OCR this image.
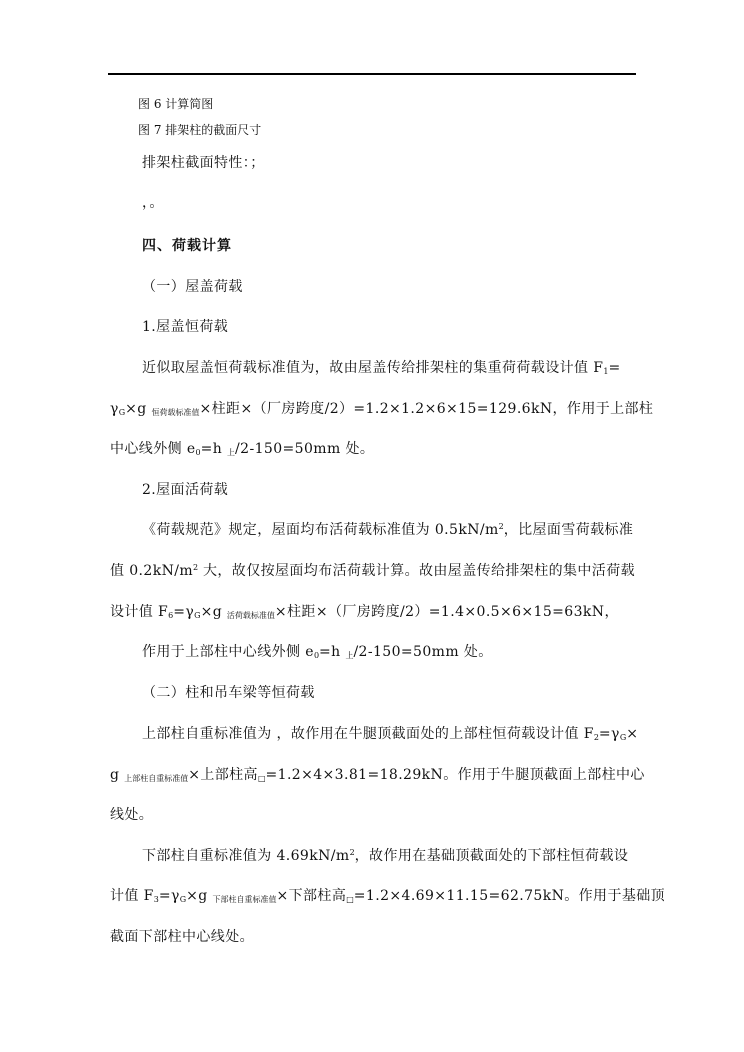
图 6 计算简图
图 7 排架柱的截面尺寸
排架柱截面特性：；
，。
四、荷载计算
（一）屋盖荷载
1.屋盖恒荷载
近似取屋盖恒荷载标准值为，故由屋盖传给排架柱的集重荷荷载设计值 $F_1=$
$\gamma_G\times g$ $_{恒荷载标准值}$×柱距×（厂房跨度/2）=1.2×1.2×6×15=129.6kN，作用于上部柱
中心线外侧 $e_0=h$ $_上$/2-150=50mm 处。
2.屋面活荷载
《荷载规范》规定，屋面均布活荷载标准值为 $0.5kN/m^2$，比屋面雪荷载标准
值 $0.2kN/m^2$ 大，故仅按屋面均布活荷载计算。故由屋盖传给排架柱的集中活荷载
设计值 $F_6=\gamma_G\times g$ $_{活荷载标准值}$×柱距×（厂房跨度/2）=1.4×0.5×6×15=63kN，
作用于上部柱中心线外侧 $e_0=h$ $_上$/2-150=50mm 处。
（二）柱和吊车梁等恒荷载
上部柱自重标准值为 ，故作用在牛腿顶截面处的上部柱恒荷载设计值 $F_2=\gamma_G\times$
g $_{上部柱自重标准值}$×上部柱高$_□$=1.2×4×3.81=18.29kN。作用于牛腿顶截面上部柱中心
线处。
下部柱自重标准值为 $4.69kN/m^2$，故作用在基础顶截面处的下部柱恒荷载设
计值 $F_3=\gamma_G\times g$ $_{下部柱自重标准值}$×下部柱高$_□$=1.2×4.69×11.15=62.75kN。作用于基础顶
截面下部柱中心线处。
